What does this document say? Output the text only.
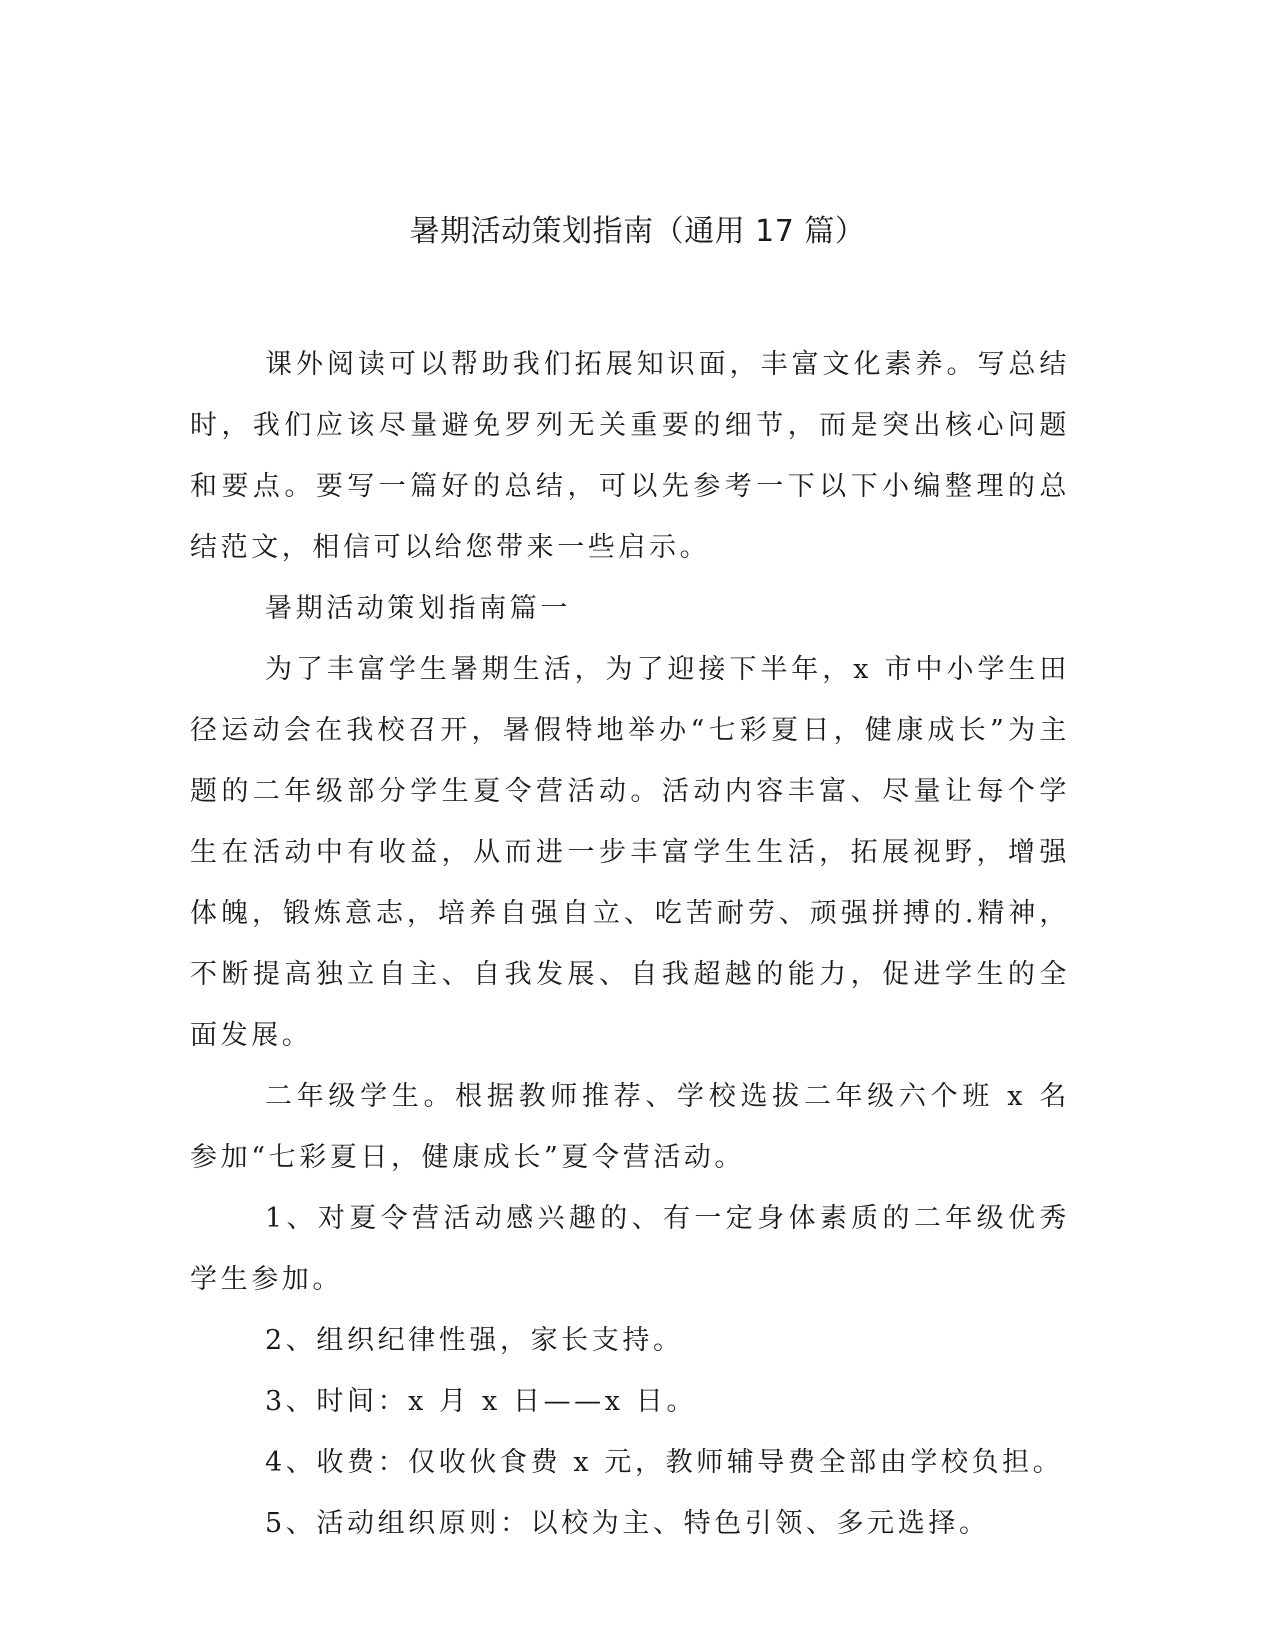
暑期活动策划指南（通用 17 篇）

课外阅读可以帮助我们拓展知识面，丰富文化素养。写总结时，我们应该尽量避免罗列无关重要的细节，而是突出核心问题和要点。要写一篇好的总结，可以先参考一下以下小编整理的总结范文，相信可以给您带来一些启示。

暑期活动策划指南篇一

为了丰富学生暑期生活，为了迎接下半年，x 市中小学生田径运动会在我校召开，暑假特地举办“七彩夏日，健康成长”为主题的二年级部分学生夏令营活动。活动内容丰富、尽量让每个学生在活动中有收益，从而进一步丰富学生生活，拓展视野，增强体魄，锻炼意志，培养自强自立、吃苦耐劳、顽强拼搏的.精神，不断提高独立自主、自我发展、自我超越的能力，促进学生的全面发展。

二年级学生。根据教师推荐、学校选拔二年级六个班 x 名参加“七彩夏日，健康成长”夏令营活动。

1、对夏令营活动感兴趣的、有一定身体素质的二年级优秀学生参加。

2、组织纪律性强，家长支持。

3、时间：x 月 x 日——x 日。

4、收费：仅收伙食费 x 元，教师辅导费全部由学校负担。

5、活动组织原则：以校为主、特色引领、多元选择。
